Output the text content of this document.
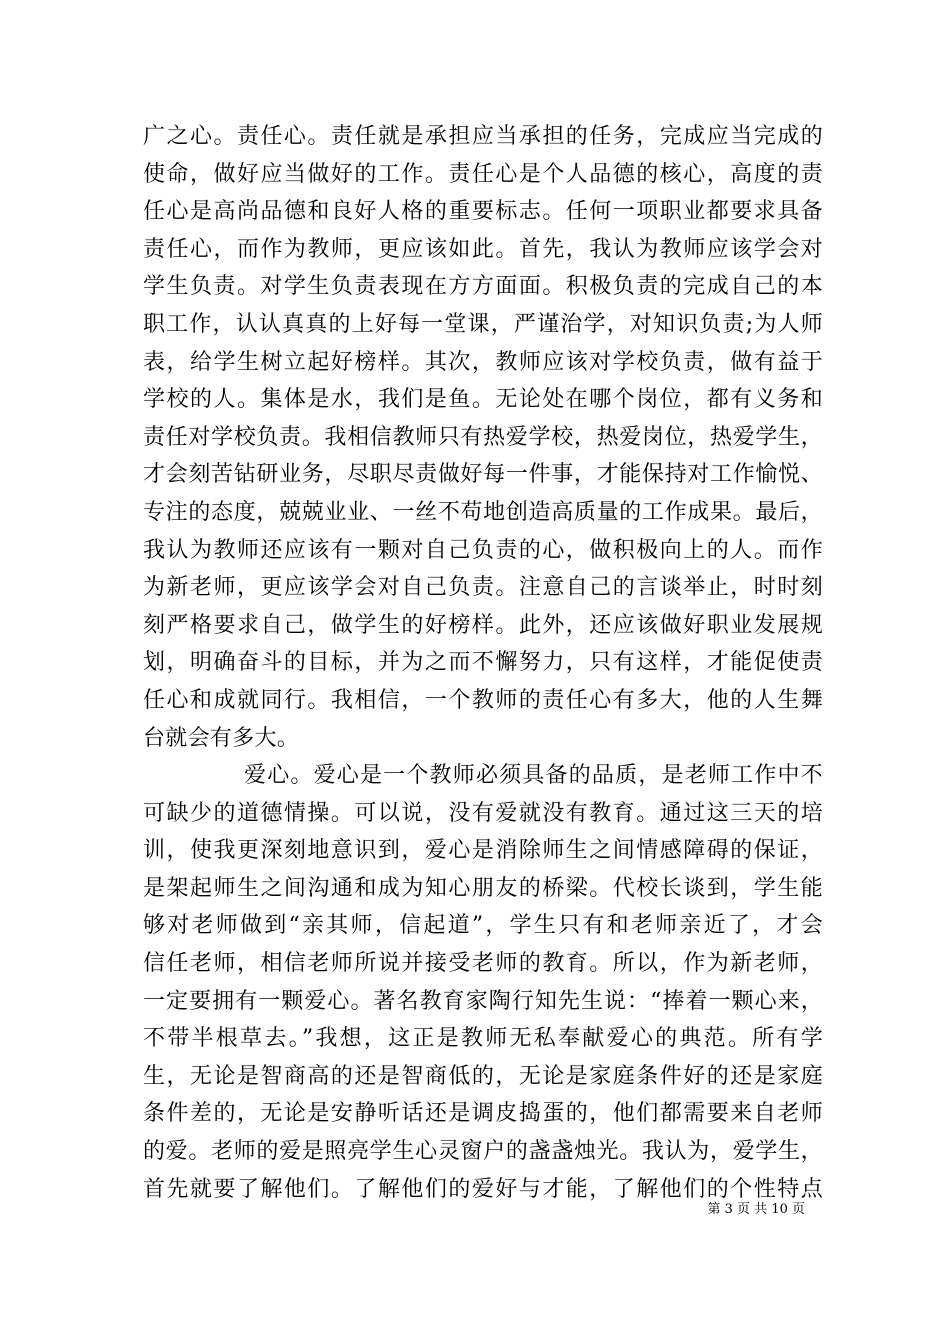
广之心。责任心。责任就是承担应当承担的任务，完成应当完成的
使命，做好应当做好的工作。责任心是个人品德的核心，高度的责
任心是高尚品德和良好人格的重要标志。任何一项职业都要求具备
责任心，而作为教师，更应该如此。首先，我认为教师应该学会对
学生负责。对学生负责表现在方方面面。积极负责的完成自己的本
职工作，认认真真的上好每一堂课，严谨治学，对知识负责;为人师
表，给学生树立起好榜样。其次，教师应该对学校负责，做有益于
学校的人。集体是水，我们是鱼。无论处在哪个岗位，都有义务和
责任对学校负责。我相信教师只有热爱学校，热爱岗位，热爱学生，
才会刻苦钻研业务，尽职尽责做好每一件事，才能保持对工作愉悦、
专注的态度，兢兢业业、一丝不苟地创造高质量的工作成果。最后，
我认为教师还应该有一颗对自己负责的心，做积极向上的人。而作
为新老师，更应该学会对自己负责。注意自己的言谈举止，时时刻
刻严格要求自己，做学生的好榜样。此外，还应该做好职业发展规
划，明确奋斗的目标，并为之而不懈努力，只有这样，才能促使责
任心和成就同行。我相信，一个教师的责任心有多大，他的人生舞
台就会有多大。
爱心。爱心是一个教师必须具备的品质，是老师工作中不
可缺少的道德情操。可以说，没有爱就没有教育。通过这三天的培
训，使我更深刻地意识到，爱心是消除师生之间情感障碍的保证，
是架起师生之间沟通和成为知心朋友的桥梁。代校长谈到，学生能
够对老师做到“亲其师，信起道”，学生只有和老师亲近了，才会
信任老师，相信老师所说并接受老师的教育。所以，作为新老师，
一定要拥有一颗爱心。著名教育家陶行知先生说：“捧着一颗心来，
不带半根草去。”我想，这正是教师无私奉献爱心的典范。所有学
生，无论是智商高的还是智商低的，无论是家庭条件好的还是家庭
条件差的，无论是安静听话还是调皮捣蛋的，他们都需要来自老师
的爱。老师的爱是照亮学生心灵窗户的盏盏烛光。我认为，爱学生，
首先就要了解他们。了解他们的爱好与才能，了解他们的个性特点
第 3 页 共 10 页
